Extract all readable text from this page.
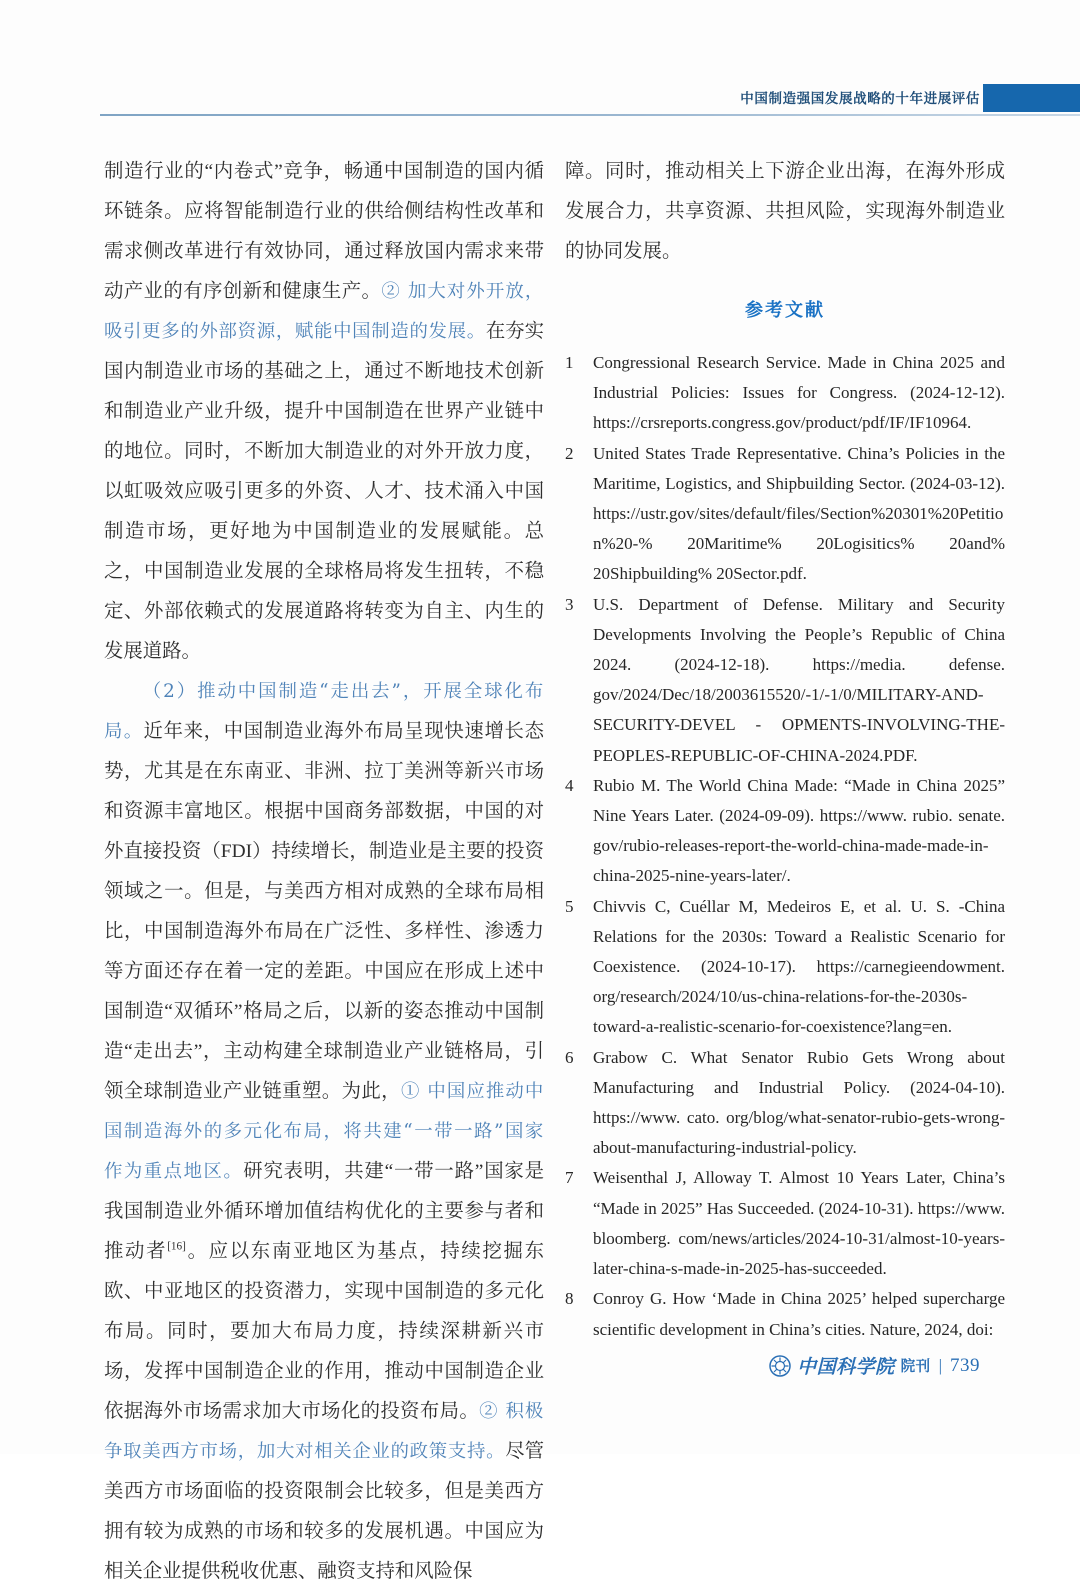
中国制造强国发展战略的十年进展评估

制造行业的“内卷式”竞争，畅通中国制造的国内循环链条。应将智能制造行业的供给侧结构性改革和需求侧改革进行有效协同，通过释放国内需求来带动产业的有序创新和健康生产。② 加大对外开放，吸引更多的外部资源，赋能中国制造的发展。在夯实国内制造业市场的基础之上，通过不断地技术创新和制造业产业升级，提升中国制造在世界产业链中的地位。同时，不断加大制造业的对外开放力度，以虹吸效应吸引更多的外资、人才、技术涌入中国制造市场，更好地为中国制造业的发展赋能。总之，中国制造业发展的全球格局将发生扭转，不稳定、外部依赖式的发展道路将转变为自主、内生的发展道路。

（2）推动中国制造“走出去”，开展全球化布局。近年来，中国制造业海外布局呈现快速增长态势，尤其是在东南亚、非洲、拉丁美洲等新兴市场和资源丰富地区。根据中国商务部数据，中国的对外直接投资（FDI）持续增长，制造业是主要的投资领域之一。但是，与美西方相对成熟的全球布局相比，中国制造海外布局在广泛性、多样性、渗透力等方面还存在着一定的差距。中国应在形成上述中国制造“双循环”格局之后，以新的姿态推动中国制造“走出去”，主动构建全球制造业产业链格局，引领全球制造业产业链重塑。为此，① 中国应推动中国制造海外的多元化布局，将共建“一带一路”国家作为重点地区。研究表明，共建“一带一路”国家是我国制造业外循环增加值结构优化的主要参与者和推动者[16]。应以东南亚地区为基点，持续挖掘东欧、中亚地区的投资潜力，实现中国制造的多元化布局。同时，要加大布局力度，持续深耕新兴市场，发挥中国制造企业的作用，推动中国制造企业依据海外市场需求加大市场化的投资布局。② 积极争取美西方市场，加大对相关企业的政策支持。尽管美西方市场面临的投资限制会比较多，但是美西方拥有较为成熟的市场和较多的发展机遇。中国应为相关企业提供税收优惠、融资支持和风险保

障。同时，推动相关上下游企业出海，在海外形成发展合力，共享资源、共担风险，实现海外制造业的协同发展。

参考文献
1	Congressional Research Service. Made in China 2025 and Industrial Policies: Issues for Congress. (2024-12-12). https://crsreports.congress.gov/product/pdf/IF/IF10964.
2	United States Trade Representative. China’s Policies in the Maritime, Logistics, and Shipbuilding Sector. (2024-03-12). https://ustr.gov/sites/default/files/Section%20301%20Petition%20-% 20Maritime% 20Logisitics% 20and% 20Shipbuilding% 20Sector.pdf.
3	U.S. Department of Defense. Military and Security Developments Involving the People’s Republic of China 2024. (2024-12-18). https://media. defense. gov/2024/Dec/18/2003615520/-1/-1/0/MILITARY-AND-SECURITY-DEVEL - OPMENTS-INVOLVING-THE-PEOPLES-REPUBLIC-OF-CHINA-2024.PDF.
4	Rubio M. The World China Made: “Made in China 2025” Nine Years Later. (2024-09-09). https://www. rubio. senate. gov/rubio-releases-report-the-world-china-made-made-in-china-2025-nine-years-later/.
5	Chivvis C, Cuéllar M, Medeiros E, et al. U. S. -China Relations for the 2030s: Toward a Realistic Scenario for Coexistence. (2024-10-17). https://carnegieendowment. org/research/2024/10/us-china-relations-for-the-2030s-toward-a-realistic-scenario-for-coexistence?lang=en.
6	Grabow C. What Senator Rubio Gets Wrong about Manufacturing and Industrial Policy. (2024-04-10). https://www. cato. org/blog/what-senator-rubio-gets-wrong-about-manufacturing-industrial-policy.
7	Weisenthal J, Alloway T. Almost 10 Years Later, China’s “Made in 2025” Has Succeeded. (2024-10-31). https://www. bloomberg. com/news/articles/2024-10-31/almost-10-years-later-china-s-made-in-2025-has-succeeded.
8	Conroy G. How ‘Made in China 2025’ helped supercharge scientific development in China’s cities. Nature, 2024, doi:
中国科学院 院刊 | 739
